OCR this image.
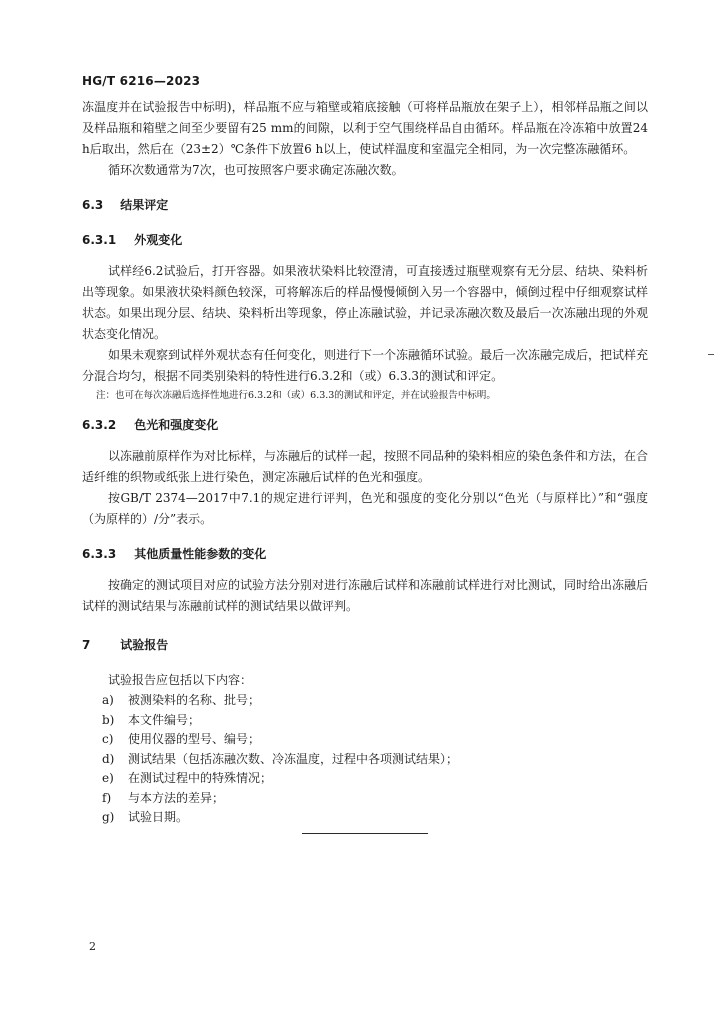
HG/T 6216—2023

冻温度并在试验报告中标明)，样品瓶不应与箱壁或箱底接触（可将样品瓶放在架子上），相邻样品瓶之间以及样品瓶和箱壁之间至少要留有25 mm的间隙，以利于空气围绕样品自由循环。样品瓶在冷冻箱中放置24 h后取出，然后在（23±2）℃条件下放置6 h以上，使试样温度和室温完全相同，为一次完整冻融循环。

循环次数通常为7次，也可按照客户要求确定冻融次数。

6.3 结果评定

6.3.1 外观变化

试样经6.2试验后，打开容器。如果液状染料比较澄清，可直接透过瓶壁观察有无分层、结块、染料析出等现象。如果液状染料颜色较深，可将解冻后的样品慢慢倾倒入另一个容器中，倾倒过程中仔细观察试样状态。如果出现分层、结块、染料析出等现象，停止冻融试验，并记录冻融次数及最后一次冻融出现的外观状态变化情况。

如果未观察到试样外观状态有任何变化，则进行下一个冻融循环试验。最后一次冻融完成后，把试样充分混合均匀，根据不同类别染料的特性进行6.3.2和（或）6.3.3的测试和评定。

注：也可在每次冻融后选择性地进行6.3.2和（或）6.3.3的测试和评定，并在试验报告中标明。

6.3.2 色光和强度变化

以冻融前原样作为对比标样，与冻融后的试样一起，按照不同品种的染料相应的染色条件和方法，在合适纤维的织物或纸张上进行染色，测定冻融后试样的色光和强度。

按GB/T 2374—2017中7.1的规定进行评判，色光和强度的变化分别以“色光（与原样比）”和“强度（为原样的）/分”表示。

6.3.3 其他质量性能参数的变化

按确定的测试项目对应的试验方法分别对进行冻融后试样和冻融前试样进行对比测试，同时给出冻融后试样的测试结果与冻融前试样的测试结果以做评判。

7 试验报告

试验报告应包括以下内容：

a) 被测染料的名称、批号；

b) 本文件编号；

c) 使用仪器的型号、编号；

d) 测试结果（包括冻融次数、冷冻温度，过程中各项测试结果）；

e) 在测试过程中的特殊情况；

f) 与本方法的差异；

g) 试验日期。

2
